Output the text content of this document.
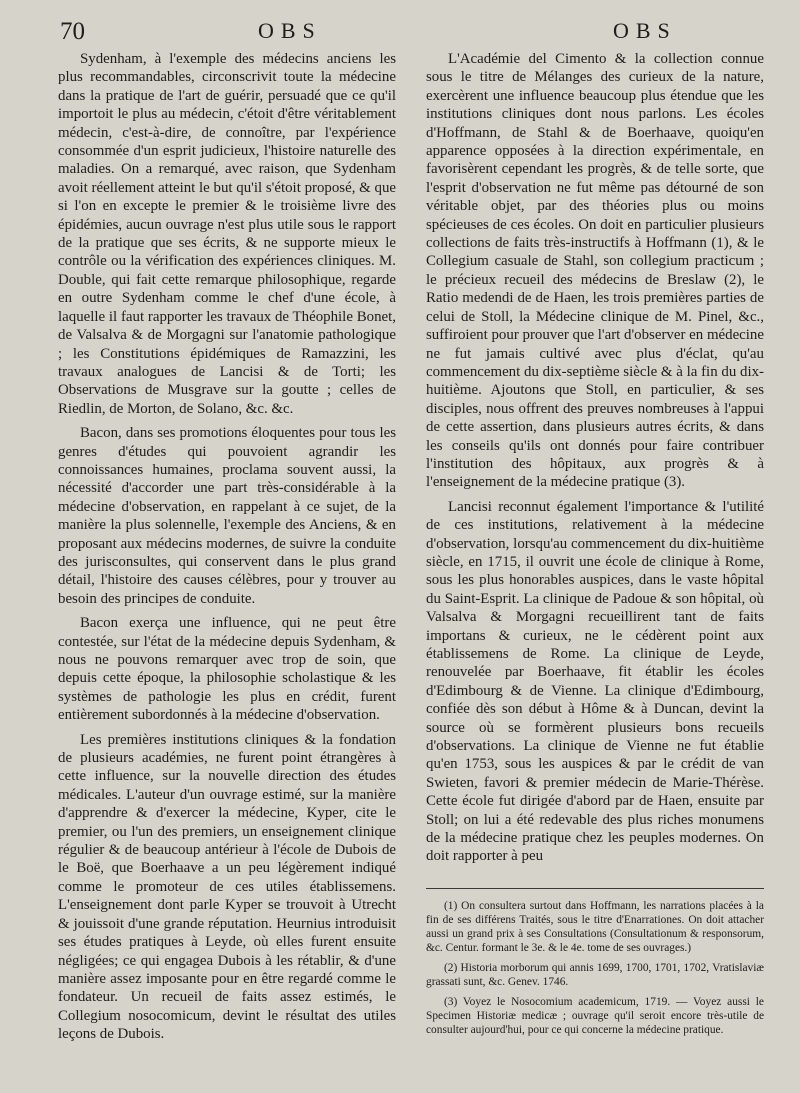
70	OBS	OBS

Sydenham, à l'exemple des médecins anciens les plus recommandables, circonscrivit toute la médecine dans la pratique de l'art de guérir, persuadé que ce qu'il importoit le plus au médecin, c'étoit d'être véritablement médecin, c'est-à-dire, de connoître, par l'expérience consommée d'un esprit judicieux, l'histoire naturelle des maladies. On a remarqué, avec raison, que Sydenham avoit réellement atteint le but qu'il s'étoit proposé, & que si l'on en excepte le premier & le troisième livre des épidémies, aucun ouvrage n'est plus utile sous le rapport de la pratique que ses écrits, & ne supporte mieux le contrôle ou la vérification des expériences cliniques. M. Double, qui fait cette remarque philosophique, regarde en outre Sydenham comme le chef d'une école, à laquelle il faut rapporter les travaux de Théophile Bonet, de Valsalva & de Morgagni sur l'anatomie pathologique ; les Constitutions épidémiques de Ramazzini, les travaux analogues de Lancisi & de Torti; les Observations de Musgrave sur la goutte ; celles de Riedlin, de Morton, de Solano, &c. &c.

Bacon, dans ses promotions éloquentes pour tous les genres d'études qui pouvoient agrandir les connoissances humaines, proclama souvent aussi, la nécessité d'accorder une part très-considérable à la médecine d'observation, en rappelant à ce sujet, de la manière la plus solennelle, l'exemple des Anciens, & en proposant aux médecins modernes, de suivre la conduite des jurisconsultes, qui conservent dans le plus grand détail, l'histoire des causes célèbres, pour y trouver au besoin des principes de conduite.

Bacon exerça une influence, qui ne peut être contestée, sur l'état de la médecine depuis Sydenham, & nous ne pouvons remarquer avec trop de soin, que depuis cette époque, la philosophie scholastique & les systèmes de pathologie les plus en crédit, furent entièrement subordonnés à la médecine d'observation.

Les premières institutions cliniques & la fondation de plusieurs académies, ne furent point étrangères à cette influence, sur la nouvelle direction des études médicales. L'auteur d'un ouvrage estimé, sur la manière d'apprendre & d'exercer la médecine, Kyper, cite le premier, ou l'un des premiers, un enseignement clinique régulier & de beaucoup antérieur à l'école de Dubois de le Boë, que Boerhaave a un peu légèrement indiqué comme le promoteur de ces utiles établissemens. L'enseignement dont parle Kyper se trouvoit à Utrecht & jouissoit d'une grande réputation. Heurnius introduisit ses études pratiques à Leyde, où elles furent ensuite négligées; ce qui engagea Dubois à les rétablir, & d'une manière assez imposante pour en être regardé comme le fondateur. Un recueil de faits assez estimés, le Collegium nosocomicum, devint le résultat des utiles leçons de Dubois.

L'Académie del Cimento & la collection connue sous le titre de Mélanges des curieux de la nature, exercèrent une influence beaucoup plus étendue que les institutions cliniques dont nous parlons. Les écoles d'Hoffmann, de Stahl & de Boerhaave, quoiqu'en apparence opposées à la direction expérimentale, en favorisèrent cependant les progrès, & de telle sorte, que l'esprit d'observation ne fut même pas détourné de son véritable objet, par des théories plus ou moins spécieuses de ces écoles. On doit en particulier plusieurs collections de faits très-instructifs à Hoffmann (1), & le Collegium casuale de Stahl, son collegium practicum ; le précieux recueil des médecins de Breslaw (2), le Ratio medendi de de Haen, les trois premières parties de celui de Stoll, la Médecine clinique de M. Pinel, &c., suffiroient pour prouver que l'art d'observer en médecine ne fut jamais cultivé avec plus d'éclat, qu'au commencement du dix-septième siècle & à la fin du dix-huitième. Ajoutons que Stoll, en particulier, & ses disciples, nous offrent des preuves nombreuses à l'appui de cette assertion, dans plusieurs autres écrits, & dans les conseils qu'ils ont donnés pour faire contribuer l'institution des hôpitaux, aux progrès & à l'enseignement de la médecine pratique (3).

Lancisi reconnut également l'importance & l'utilité de ces institutions, relativement à la médecine d'observation, lorsqu'au commencement du dix-huitième siècle, en 1715, il ouvrit une école de clinique à Rome, sous les plus honorables auspices, dans le vaste hôpital du Saint-Esprit. La clinique de Padoue & son hôpital, où Valsalva & Morgagni recueillirent tant de faits importans & curieux, ne le cédèrent point aux établissemens de Rome. La clinique de Leyde, renouvelée par Boerhaave, fit établir les écoles d'Edimbourg & de Vienne. La clinique d'Edimbourg, confiée dès son début à Hôme & à Duncan, devint la source où se formèrent plusieurs bons recueils d'observations. La clinique de Vienne ne fut établie qu'en 1753, sous les auspices & par le crédit de van Swieten, favori & premier médecin de Marie-Thérèse. Cette école fut dirigée d'abord par de Haen, ensuite par Stoll; on lui a été redevable des plus riches monumens de la médecine pratique chez les peuples modernes. On doit rapporter à peu

(1) On consultera surtout dans Hoffmann, les narrations placées à la fin de ses différens Traités, sous le titre d'Enarrationes. On doit attacher aussi un grand prix à ses Consultations (Consultationum & responsorum, &c. Centur. formant le 3e. & le 4e. tome de ses ouvrages.)

(2) Historia morborum qui annis 1699, 1700, 1701, 1702, Vratislaviæ grassati sunt, &c. Genev. 1746.

(3) Voyez le Nosocomium academicum, 1719. — Voyez aussi le Specimen Historiæ medicæ ; ouvrage qu'il seroit encore très-utile de consulter aujourd'hui, pour ce qui concerne la médecine pratique.
